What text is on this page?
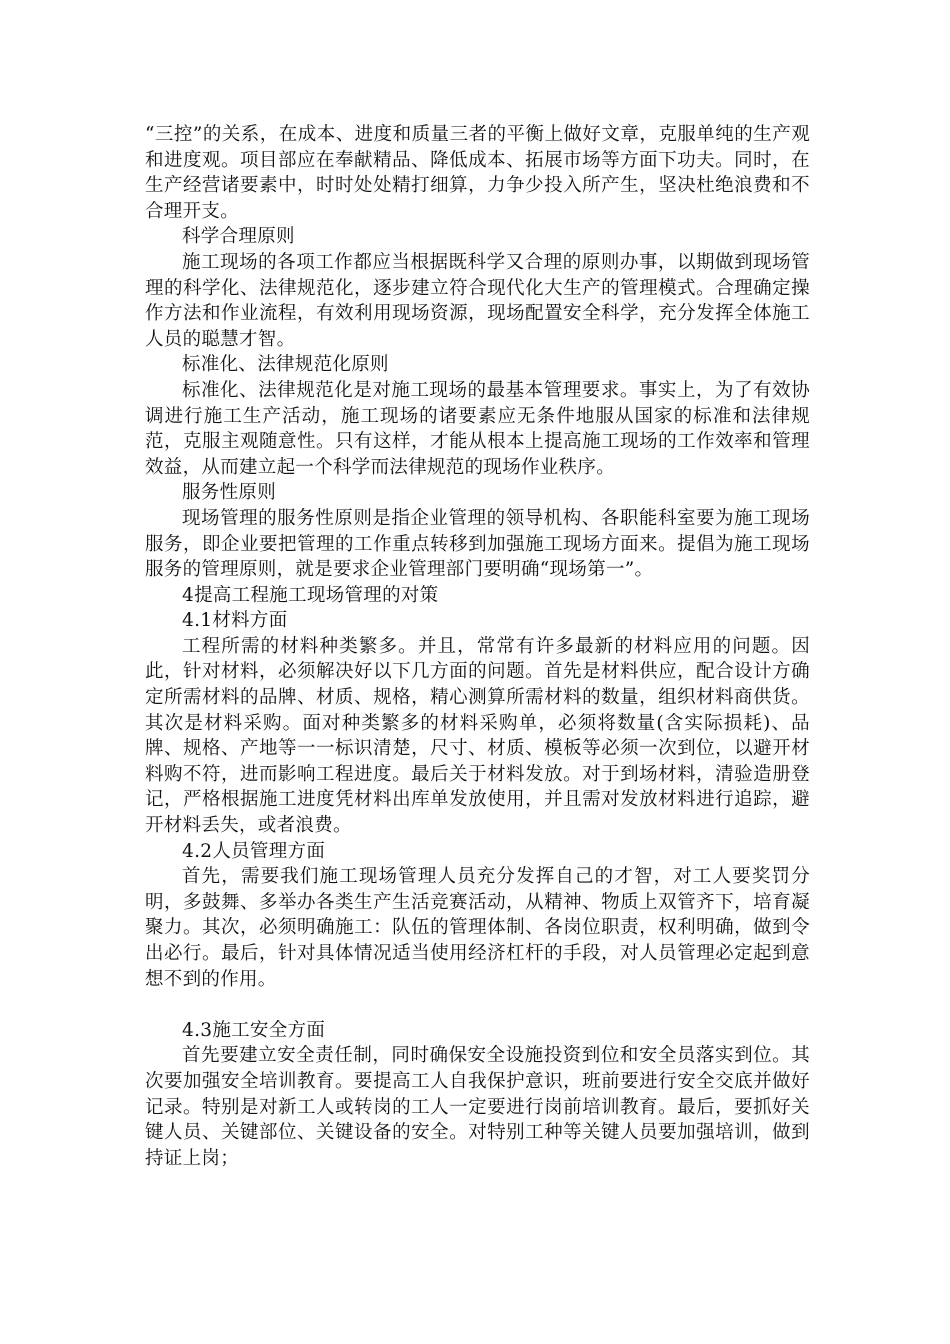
“三控”的关系，在成本、进度和质量三者的平衡上做好文章，克服单纯的生产观和进度观。项目部应在奉献精品、降低成本、拓展市场等方面下功夫。同时，在生产经营诸要素中，时时处处精打细算，力争少投入所产生，坚决杜绝浪费和不合理开支。

科学合理原则

施工现场的各项工作都应当根据既科学又合理的原则办事，以期做到现场管理的科学化、法律规范化，逐步建立符合现代化大生产的管理模式。合理确定操作方法和作业流程，有效利用现场资源，现场配置安全科学，充分发挥全体施工人员的聪慧才智。

标准化、法律规范化原则

标准化、法律规范化是对施工现场的最基本管理要求。事实上，为了有效协调进行施工生产活动，施工现场的诸要素应无条件地服从国家的标准和法律规范，克服主观随意性。只有这样，才能从根本上提高施工现场的工作效率和管理效益，从而建立起一个科学而法律规范的现场作业秩序。

服务性原则

现场管理的服务性原则是指企业管理的领导机构、各职能科室要为施工现场服务，即企业要把管理的工作重点转移到加强施工现场方面来。提倡为施工现场服务的管理原则，就是要求企业管理部门要明确“现场第一”。

4提高工程施工现场管理的对策

4.1材料方面

工程所需的材料种类繁多。并且，常常有许多最新的材料应用的问题。因此，针对材料，必须解决好以下几方面的问题。首先是材料供应，配合设计方确定所需材料的品牌、材质、规格，精心测算所需材料的数量，组织材料商供货。其次是材料采购。面对种类繁多的材料采购单，必须将数量(含实际损耗)、品牌、规格、产地等一一标识清楚，尺寸、材质、模板等必须一次到位，以避开材料购不符，进而影响工程进度。最后关于材料发放。对于到场材料，清验造册登记，严格根据施工进度凭材料出库单发放使用，并且需对发放材料进行追踪，避开材料丢失，或者浪费。

4.2人员管理方面

首先，需要我们施工现场管理人员充分发挥自己的才智，对工人要奖罚分明，多鼓舞、多举办各类生产生活竞赛活动，从精神、物质上双管齐下，培育凝聚力。其次，必须明确施工：队伍的管理体制、各岗位职责，权利明确，做到令出必行。最后，针对具体情况适当使用经济杠杆的手段，对人员管理必定起到意想不到的作用。

4.3施工安全方面

首先要建立安全责任制，同时确保安全设施投资到位和安全员落实到位。其次要加强安全培训教育。要提高工人自我保护意识，班前要进行安全交底并做好记录。特别是对新工人或转岗的工人一定要进行岗前培训教育。最后，要抓好关键人员、关键部位、关键设备的安全。对特别工种等关键人员要加强培训，做到持证上岗；
